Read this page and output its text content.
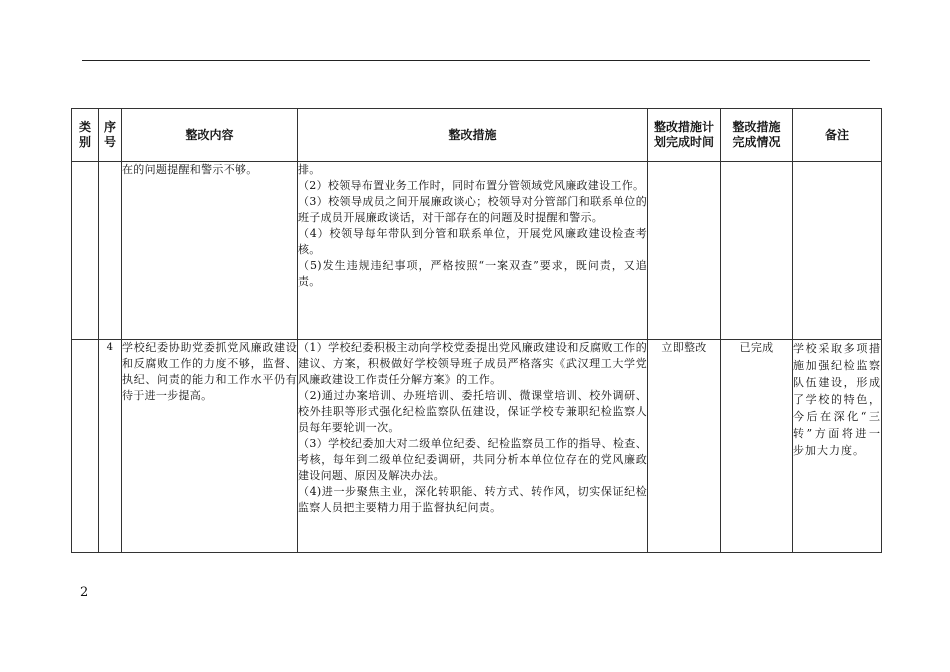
类别	序号	整改内容	整改措施	整改措施计划完成时间	整改措施完成情况	备注
		在的问题提醒和警示不够。	排。
（2）校领导布置业务工作时，同时布置分管领域党风廉政建设工作。
（3）校领导成员之间开展廉政谈心；校领导对分管部门和联系单位的班子成员开展廉政谈话，对干部存在的问题及时提醒和警示。
（4）校领导每年带队到分管和联系单位，开展党风廉政建设检查考核。
（5)发生违规违纪事项，严格按照“一案双查”要求，既问责，又追责。			

	4	学校纪委协助党委抓党风廉政建设和反腐败工作的力度不够，监督、执纪、问责的能力和工作水平仍有待于进一步提高。	（1）学校纪委积极主动向学校党委提出党风廉政建设和反腐败工作的建议、方案，积极做好学校领导班子成员严格落实《武汉理工大学党风廉政建设工作责任分解方案》的工作。
（2)通过办案培训、办班培训、委托培训、微课堂培训、校外调研、校外挂职等形式强化纪检监察队伍建设，保证学校专兼职纪检监察人员每年要轮训一次。
（3）学校纪委加大对二级单位纪委、纪检监察员工作的指导、检查、考核，每年到二级单位纪委调研，共同分析本单位位存在的党风廉政建设问题、原因及解决办法。
（4)进一步聚焦主业，深化转职能、转方式、转作风，切实保证纪检监察人员把主要精力用于监督执纪问责。	立即整改	已完成	学校采取多项措施加强纪检监察队伍建设，形成了学校的特色，今后在深化“三转”方面将进一步加大力度。
2
